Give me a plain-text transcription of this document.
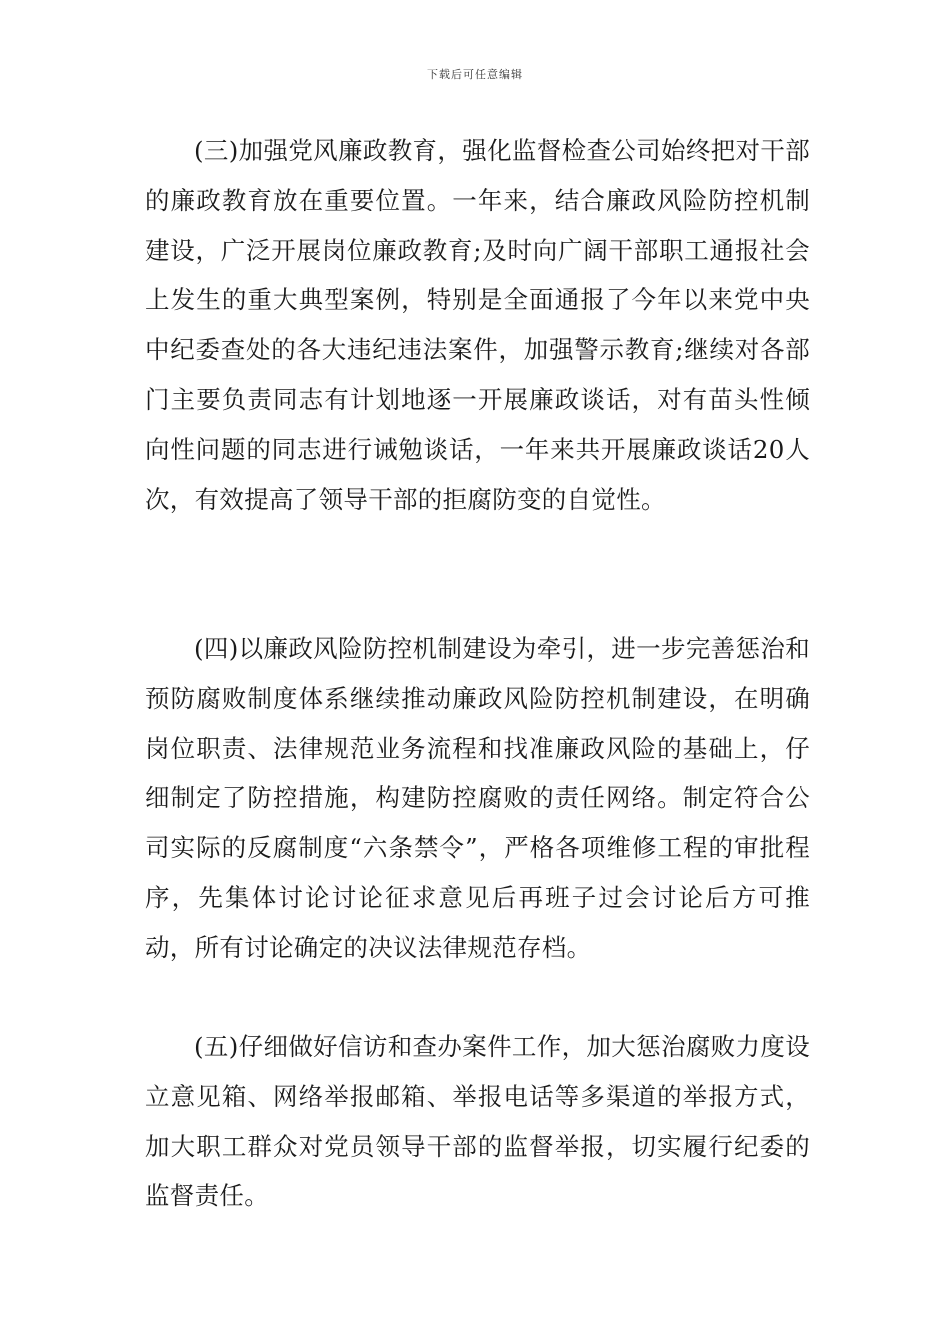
下载后可任意编辑

(三)加强党风廉政教育，强化监督检查公司始终把对干部的廉政教育放在重要位置。一年来，结合廉政风险防控机制建设，广泛开展岗位廉政教育;及时向广阔干部职工通报社会上发生的重大典型案例，特别是全面通报了今年以来党中央中纪委查处的各大违纪违法案件，加强警示教育;继续对各部门主要负责同志有计划地逐一开展廉政谈话，对有苗头性倾向性问题的同志进行诫勉谈话，一年来共开展廉政谈话20人次，有效提高了领导干部的拒腐防变的自觉性。

(四)以廉政风险防控机制建设为牵引，进一步完善惩治和预防腐败制度体系继续推动廉政风险防控机制建设，在明确岗位职责、法律规范业务流程和找准廉政风险的基础上，仔细制定了防控措施，构建防控腐败的责任网络。制定符合公司实际的反腐制度“六条禁令”，严格各项维修工程的审批程序，先集体讨论讨论征求意见后再班子过会讨论后方可推动，所有讨论确定的决议法律规范存档。

(五)仔细做好信访和查办案件工作，加大惩治腐败力度设立意见箱、网络举报邮箱、举报电话等多渠道的举报方式，加大职工群众对党员领导干部的监督举报，切实履行纪委的监督责任。
